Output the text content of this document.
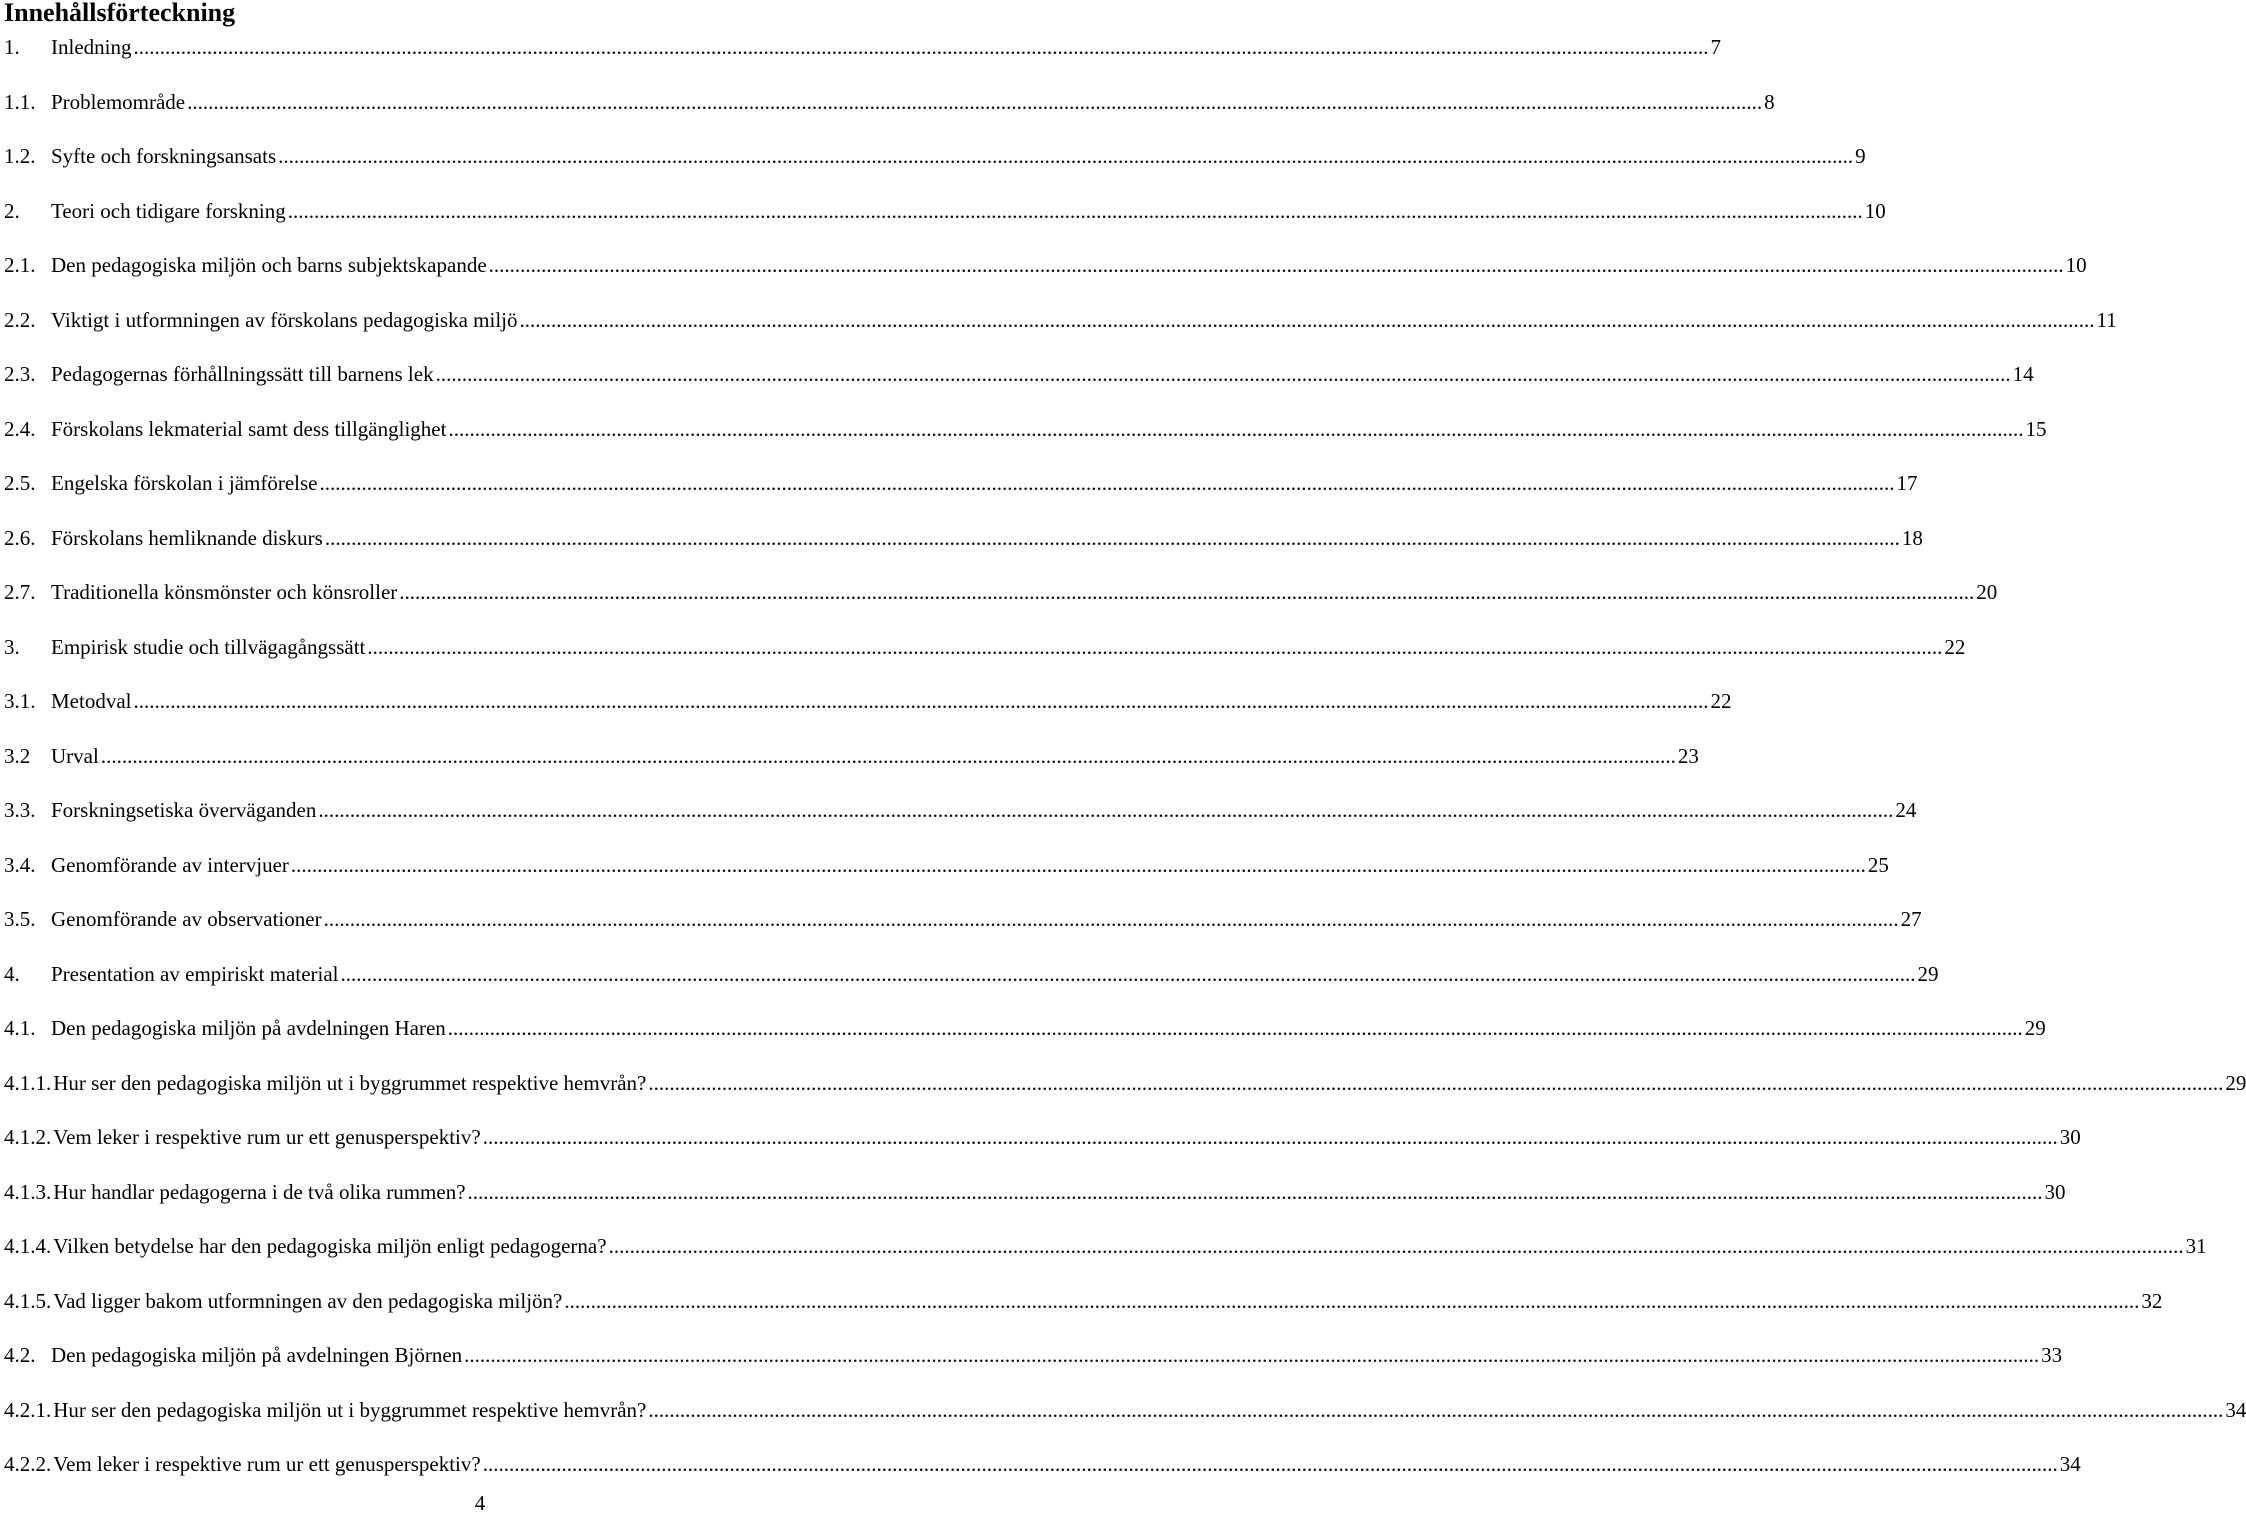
Innehållsförteckning
1.	Inledning ............................................................................................................................................................................................................................................................................................................ 7
1.1. Problemområde ............................................................................................................................................................................................................................................................................................................ 8
1.2. Syfte och forskningsansats ............................................................................................................................................................................................................................................................................................................ 9
2.	Teori och tidigare forskning ............................................................................................................................................................................................................................................................................................................ 10
2.1. Den pedagogiska miljön och barns subjektskapande ............................................................................................................................................................................................................................................................................................................ 10
2.2. Viktigt i utformningen av förskolans pedagogiska miljö ............................................................................................................................................................................................................................................................................................................ 11
2.3. Pedagogernas förhållningssätt till barnens lek ............................................................................................................................................................................................................................................................................................................ 14
2.4. Förskolans lekmaterial samt dess tillgänglighet ............................................................................................................................................................................................................................................................................................................ 15
2.5. Engelska förskolan i jämförelse ............................................................................................................................................................................................................................................................................................................ 17
2.6. Förskolans hemliknande diskurs ............................................................................................................................................................................................................................................................................................................ 18
2.7. Traditionella könsmönster och könsroller ............................................................................................................................................................................................................................................................................................................ 20
3.	Empirisk studie och tillvägagångssätt ............................................................................................................................................................................................................................................................................................................ 22
3.1. Metodval ............................................................................................................................................................................................................................................................................................................ 22
3.2 Urval ............................................................................................................................................................................................................................................................................................................ 23
3.3. Forskningsetiska överväganden ............................................................................................................................................................................................................................................................................................................ 24
3.4. Genomförande av intervjuer ............................................................................................................................................................................................................................................................................................................ 25
3.5. Genomförande av observationer ............................................................................................................................................................................................................................................................................................................ 27
4.	Presentation av empiriskt material ............................................................................................................................................................................................................................................................................................................ 29
4.1. Den pedagogiska miljön på avdelningen Haren ............................................................................................................................................................................................................................................................................................................ 29
4.1.1. Hur ser den pedagogiska miljön ut i byggrummet respektive hemvrån? ............................................................................................................................................................................................................................................................................................................ 29
4.1.2. Vem leker i respektive rum ur ett genusperspektiv? ............................................................................................................................................................................................................................................................................................................ 30
4.1.3. Hur handlar pedagogerna i de två olika rummen? ............................................................................................................................................................................................................................................................................................................ 30
4.1.4. Vilken betydelse har den pedagogiska miljön enligt pedagogerna? ............................................................................................................................................................................................................................................................................................................ 31
4.1.5. Vad ligger bakom utformningen av den pedagogiska miljön? ............................................................................................................................................................................................................................................................................................................ 32
4.2. Den pedagogiska miljön på avdelningen Björnen ............................................................................................................................................................................................................................................................................................................ 33
4.2.1. Hur ser den pedagogiska miljön ut i byggrummet respektive hemvrån? ............................................................................................................................................................................................................................................................................................................ 34
4.2.2. Vem leker i respektive rum ur ett genusperspektiv? ............................................................................................................................................................................................................................................................................................................ 34
4
